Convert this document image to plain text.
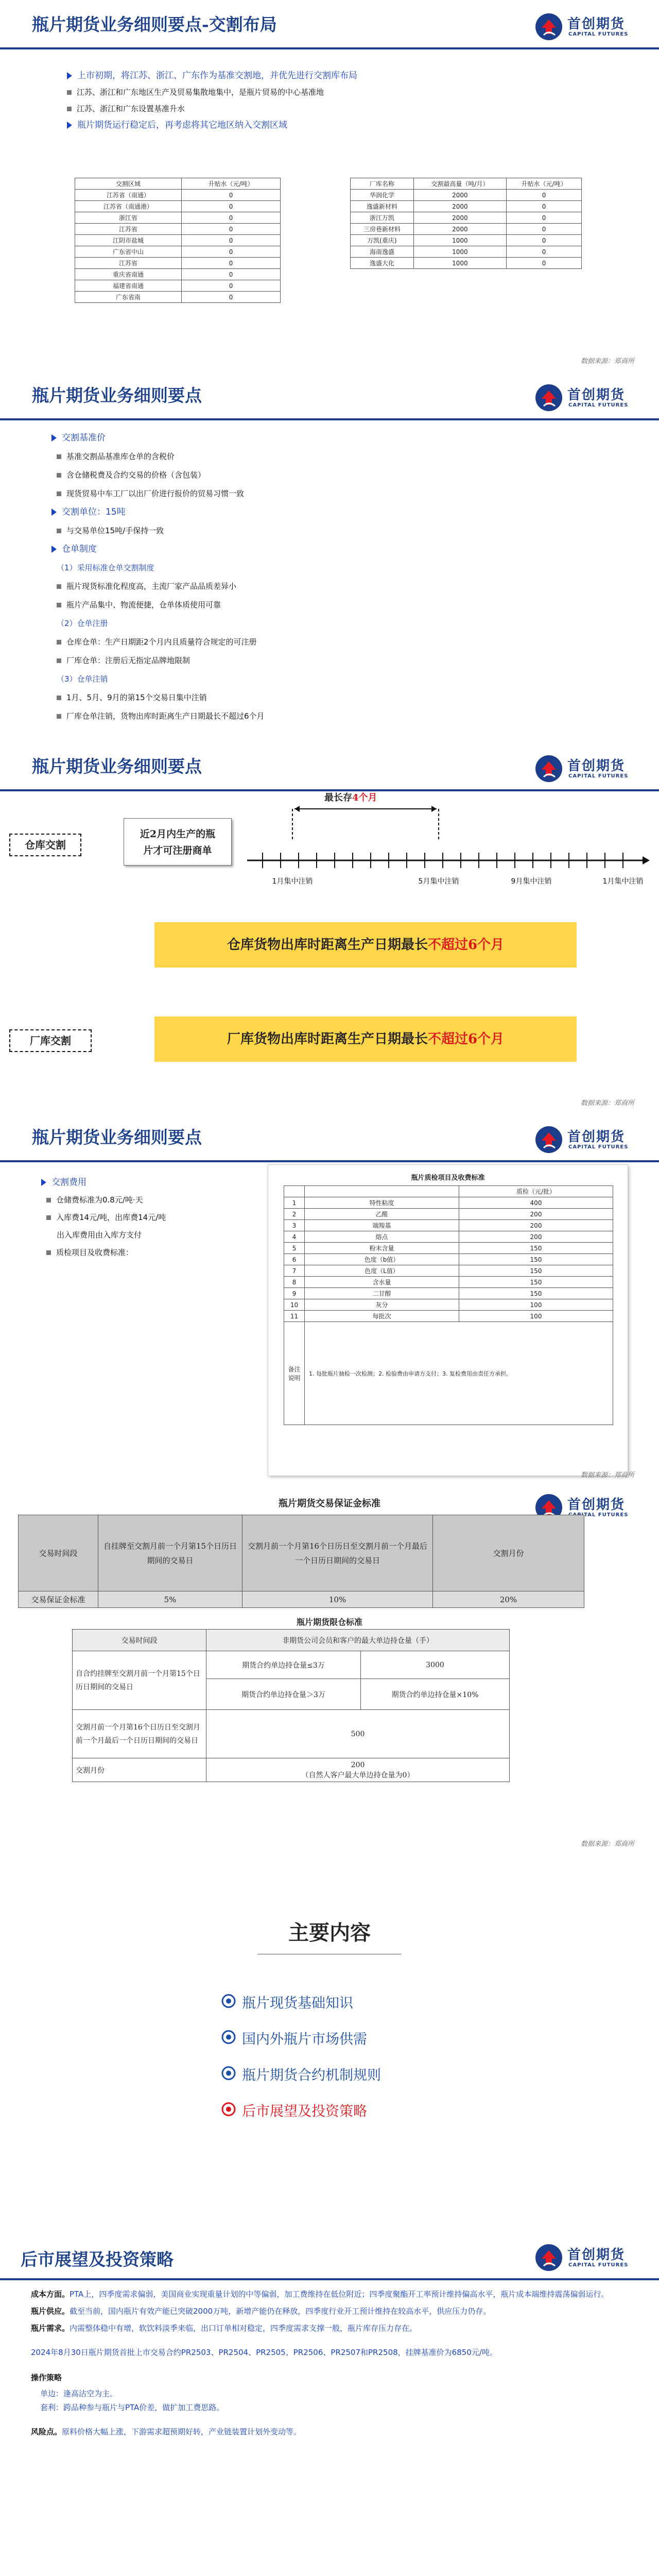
瓶片期货业务细则要点-交割布局	首创期货
CAPITAL FUTURES
上市初期，将江苏、浙江、广东作为基准交割地，并优先进行交割库布局
江苏、浙江和广东地区生产及贸易集散地集中，是瓶片贸易的中心基准地
江苏、浙江和广东设置基准升水
瓶片期货运行稳定后，再考虑将其它地区纳入交割区域
交割区域	升贴水（元/吨）
江苏省（南通）	0
江苏省（南通港）	0
浙江省	0
江苏省	0
江阴市盐城	0
广东省中山	0
江苏省	0
重庆省南通	0
福建省南通	0
广东省南	0
厂库名称	交割最高量（吨/月）	升贴水（元/吨）
华润化学	2000	0
逸盛新材料	2000	0
浙江万凯	2000	0
三房巷新材料	2000	0
万凯(重庆)	1000	0
海南逸盛	1000	0
逸盛大化	1000	0
数据来源：郑商所
瓶片期货业务细则要点	首创期货
CAPITAL FUTURES
交割基准价
基准交割品基准库仓单的含税价
含仓储税费及合约交易的价格（含包装）
现货贸易中车工厂以出厂价进行报价的贸易习惯一致
交割单位：15吨
与交易单位15吨/手保持一致
仓单制度
（1）采用标准仓单交割制度
瓶片现货标准化程度高，主流厂家产品品质差异小
瓶片产品集中、物流便捷，仓单体质使用可靠
（2）仓单注册
仓库仓单：生产日期距2个月内且质量符合规定的可注册
厂库仓单：注册后无指定品牌地限制
（3）仓单注销
1月、5月、9月的第15个交易日集中注销
厂库仓单注销，货物出库时距离生产日期最长不超过6个月
瓶片期货业务细则要点	首创期货
CAPITAL FUTURES
仓库交割
近2月内生产的瓶片才可注册商单
最长存4个月
1月集中注销	5月集中注销	9月集中注销	1月集中注销
仓库货物出库时距离生产日期最长不超过6个月
厂库交割	厂库货物出库时距离生产日期最长不超过6个月
数据来源：郑商所
瓶片期货业务细则要点	首创期货
CAPITAL FUTURES
交割费用
仓储费标准为0.8元/吨·天
入库费14元/吨，出库费14元/吨
出入库费用由入库方支付
质检项目及收费标准：
瓶片质检项目及收费标准
		质检（元/批）
1	特性粘度	400
2	乙醛	200
3	端羧基	200
4	熔点	200
5	粉末含量	150
6	色度（b值）	150
7	色度（L值）	150
8	含水量	150
9	二甘醇	150
10	灰分	100
11	每批次	100
备注说明	1. 每批瓶片抽检一次检测；2. 检验费由申请方支付；3. 复检费用由责任方承担。	
数据来源：郑商所
首创期货
CAPITAL FUTURES
瓶片期货交易保证金标准
交易时间段	自挂牌至交割月前一个月第15个日历日期间的交易日	交割月前一个月第16个日历日至交割月前一个月最后一个日历日期间的交易日	交割月份
交易保证金标准	5%	10%	20%
瓶片期货限仓标准
交易时间段	非期货公司会员和客户的最大单边持仓量（手）	
自合约挂牌至交割月前一个月第15个日历日期间的交易日	期货合约单边持仓量≤3万	3000
	期货合约单边持仓量＞3万	期货合约单边持仓量×10%
交割月前一个月第16个日历日至交割月前一个月最后一个日历日期间的交易日	500	
交割月份	200
（自然人客户最大单边持仓量为0）	
数据来源：郑商所
主要内容
瓶片现货基础知识
国内外瓶片市场供需
瓶片期货合约机制规则
后市展望及投资策略
后市展望及投资策略	首创期货
CAPITAL FUTURES

成本方面。PTA上，四季度需求偏弱，美国商业实现重量计划的中等偏弱，加工费维持在低位附近；四季度聚酯开工率预计维持偏高水平，瓶片成本端维持震荡偏弱运行。

瓶片供应。截至当前，国内瓶片有效产能已突破2000万吨，新增产能仍在释放，四季度行业开工预计维持在较高水平，供应压力仍存。

瓶片需求。内需整体稳中有增，软饮料淡季来临，出口订单相对稳定，四季度需求支撑一般，瓶片库存压力存在。

2024年8月30日瓶片期货首批上市交易合约PR2503、PR2504、PR2505、PR2506、PR2507和PR2508，挂牌基准价为6850元/吨。

操作策略

单边：逢高沽空为主。

套利：跨品种参与瓶片与PTA价差，做扩加工费思路。

风险点。原料价格大幅上涨，下游需求超预期好转，产业链装置计划外变动等。
